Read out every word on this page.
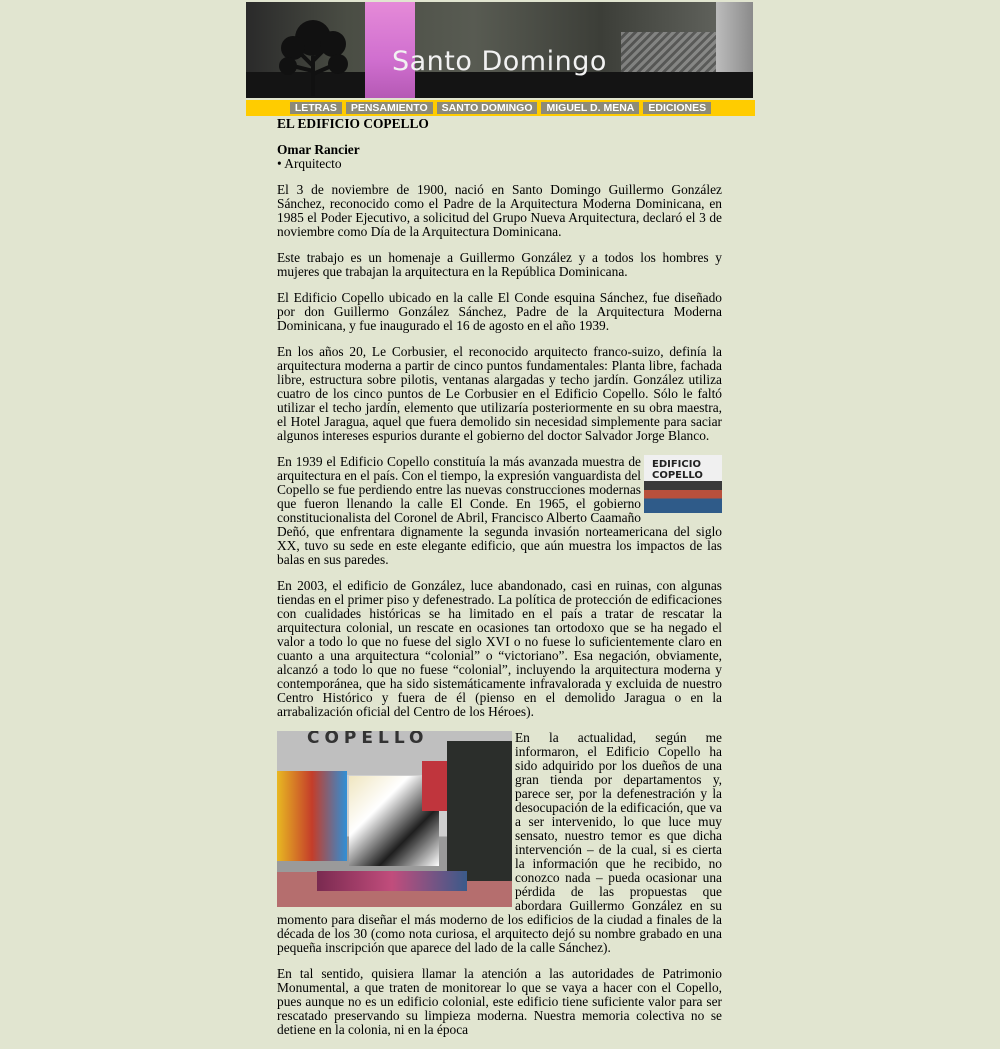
Santo Domingo
LETRAS PENSAMIENTO SANTO DOMINGO MIGUEL D. MENA EDICIONES

EL EDIFICIO COPELLO

Omar Rancier

• Arquitecto

El 3 de noviembre de 1900, nació en Santo Domingo Guillermo González Sánchez, reconocido como el Padre de la Arquitectura Moderna Dominicana, en 1985 el Poder Ejecutivo, a solicitud del Grupo Nueva Arquitectura, declaró el 3 de noviembre como Día de la Arquitectura Dominicana.

Este trabajo es un homenaje a Guillermo González y a todos los hombres y mujeres que trabajan la arquitectura en la República Dominicana.

El Edificio Copello ubicado en la calle El Conde esquina Sánchez, fue diseñado por don Guillermo González Sánchez, Padre de la Arquitectura Moderna Dominicana, y fue inaugurado el 16 de agosto en el año 1939.

En los años 20, Le Corbusier, el reconocido arquitecto franco-suizo, definía la arquitectura moderna a partir de cinco puntos fundamentales: Planta libre, fachada libre, estructura sobre pilotis, ventanas alargadas y techo jardín. González utiliza cuatro de los cinco puntos de Le Corbusier en el Edificio Copello. Sólo le faltó utilizar el techo jardín, elemento que utilizaría posteriormente en su obra maestra, el Hotel Jaragua, aquel que fuera demolido sin necesidad simplemente para saciar algunos intereses espurios durante el gobierno del doctor Salvador Jorge Blanco.

EDIFICIO COPELLO

En 1939 el Edificio Copello constituía la más avanzada muestra de arquitectura en el país. Con el tiempo, la expresión vanguardista del Copello se fue perdiendo entre las nuevas construcciones modernas que fueron llenando la calle El Conde. En 1965, el gobierno constitucionalista del Coronel de Abril, Francisco Alberto Caamaño Deñó, que enfrentara dignamente la segunda invasión norteamericana del siglo XX, tuvo su sede en este elegante edificio, que aún muestra los impactos de las balas en sus paredes.

En 2003, el edificio de González, luce abandonado, casi en ruinas, con algunas tiendas en el primer piso y defenestrado. La política de protección de edificaciones con cualidades históricas se ha limitado en el país a tratar de rescatar la arquitectura colonial, un rescate en ocasiones tan ortodoxo que se ha negado el valor a todo lo que no fuese del siglo XVI o no fuese lo suficientemente claro en cuanto a una arquitectura “colonial” o “victoriano”. Esa negación, obviamente, alcanzó a todo lo que no fuese “colonial”, incluyendo la arquitectura moderna y contemporánea, que ha sido sistemáticamente infravalorada y excluida de nuestro Centro Histórico y fuera de él (pienso en el demolido Jaragua o en la arrabalización oficial del Centro de los Héroes).

COPELLO	En la actualidad, según me informaron, el Edificio Copello ha sido adquirido por los dueños de una gran tienda por departamentos y, parece ser, por la defenestración y la desocupación de la edificación, que va a ser intervenido, lo que luce muy sensato, nuestro temor es que dicha intervención – de la cual, si es cierta la información que he recibido, no conozco nada – pueda ocasionar una pérdida de las propuestas que abordara Guillermo González en su momento para diseñar el más moderno de los edificios de la ciudad a finales de la década de los 30 (como nota curiosa, el arquitecto dejó su nombre grabado en una pequeña inscripción que aparece del lado de la calle Sánchez).

En tal sentido, quisiera llamar la atención a las autoridades de Patrimonio Monumental, a que traten de monitorear lo que se vaya a hacer con el Copello, pues aunque no es un edificio colonial, este edificio tiene suficiente valor para ser rescatado preservando su limpieza moderna. Nuestra memoria colectiva no se detiene en la colonia, ni en la época
